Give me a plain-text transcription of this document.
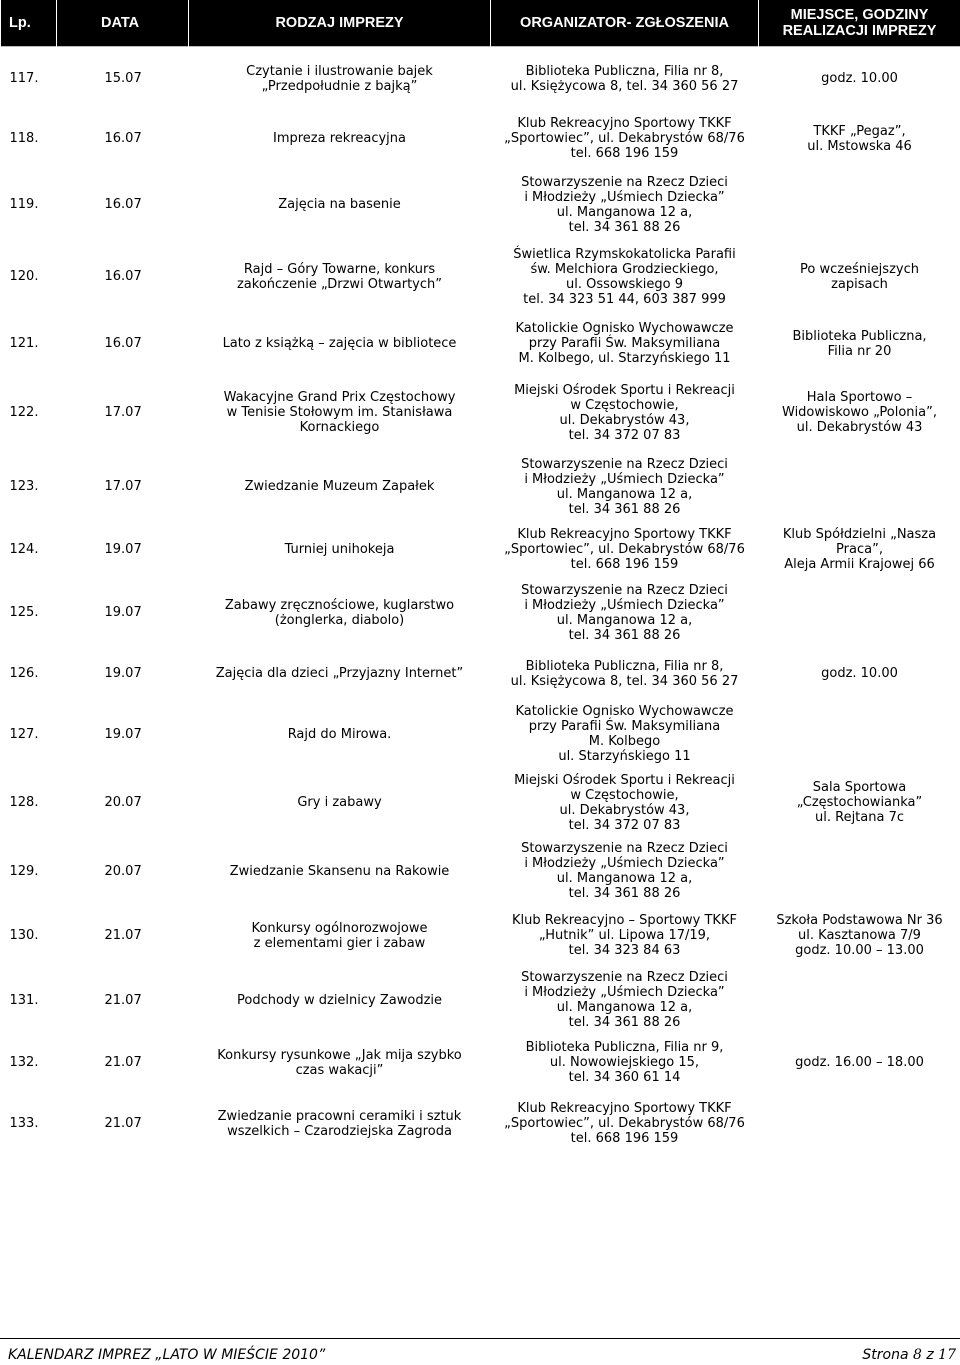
Lp.	DATA	RODZAJ IMPREZY	ORGANIZATOR- ZGŁOSZENIA	MIEJSCE, GODZINY
REALIZACJI IMPREZY

117.	15.07	Czytanie i ilustrowanie bajek
„Przedpołudnie z bajką”	Biblioteka Publiczna, Filia nr 8,
ul. Księżycowa 8, tel. 34 360 56 27	godz. 10.00

118.	16.07	Impreza rekreacyjna	Klub Rekreacyjno Sportowy TKKF
„Sportowiec”, ul. Dekabrystów 68/76
tel. 668 196 159	TKKF „Pegaz”,
ul. Mstowska 46

119.	16.07	Zajęcia na basenie	Stowarzyszenie na Rzecz Dzieci
i Młodzieży „Uśmiech Dziecka”
ul. Manganowa 12 a,
tel. 34 361 88 26	

120.	16.07	Rajd – Góry Towarne, konkurs
zakończenie „Drzwi Otwartych”	Świetlica Rzymskokatolicka Parafii
św. Melchiora Grodzieckiego,
ul. Ossowskiego 9
tel. 34 323 51 44, 603 387 999	Po wcześniejszych
zapisach

121.	16.07	Lato z książką – zajęcia w bibliotece	Katolickie Ognisko Wychowawcze
przy Parafii Św. Maksymiliana
M. Kolbego, ul. Starzyńskiego 11	Biblioteka Publiczna,
Filia nr 20

122.	17.07	Wakacyjne Grand Prix Częstochowy
w Tenisie Stołowym im. Stanisława
Kornackiego	Miejski Ośrodek Sportu i Rekreacji
w Częstochowie,
ul. Dekabrystów 43,
tel. 34 372 07 83	Hala Sportowo –
Widowiskowo „Polonia”,
ul. Dekabrystów 43

123.	17.07	Zwiedzanie Muzeum Zapałek	Stowarzyszenie na Rzecz Dzieci
i Młodzieży „Uśmiech Dziecka”
ul. Manganowa 12 a,
tel. 34 361 88 26	

124.	19.07	Turniej unihokeja	Klub Rekreacyjno Sportowy TKKF
„Sportowiec”, ul. Dekabrystów 68/76
tel. 668 196 159	Klub Spółdzielni „Nasza
Praca”,
Aleja Armii Krajowej 66

125.	19.07	Zabawy zręcznościowe, kuglarstwo
(żonglerka, diabolo)	Stowarzyszenie na Rzecz Dzieci
i Młodzieży „Uśmiech Dziecka”
ul. Manganowa 12 a,
tel. 34 361 88 26	

126.	19.07	Zajęcia dla dzieci „Przyjazny Internet”	Biblioteka Publiczna, Filia nr 8,
ul. Księżycowa 8, tel. 34 360 56 27	godz. 10.00

127.	19.07	Rajd do Mirowa.	Katolickie Ognisko Wychowawcze
przy Parafii Św. Maksymiliana
M. Kolbego
ul. Starzyńskiego 11	

128.	20.07	Gry i zabawy	Miejski Ośrodek Sportu i Rekreacji
w Częstochowie,
ul. Dekabrystów 43,
tel. 34 372 07 83	Sala Sportowa
„Częstochowianka”
ul. Rejtana 7c

129.	20.07	Zwiedzanie Skansenu na Rakowie	Stowarzyszenie na Rzecz Dzieci
i Młodzieży „Uśmiech Dziecka”
ul. Manganowa 12 a,
tel. 34 361 88 26	

130.	21.07	Konkursy ogólnorozwojowe
z elementami gier i zabaw	Klub Rekreacyjno – Sportowy TKKF
„Hutnik” ul. Lipowa 17/19,
tel. 34 323 84 63	Szkoła Podstawowa Nr 36
ul. Kasztanowa 7/9
godz. 10.00 – 13.00

131.	21.07	Podchody w dzielnicy Zawodzie	Stowarzyszenie na Rzecz Dzieci
i Młodzieży „Uśmiech Dziecka”
ul. Manganowa 12 a,
tel. 34 361 88 26	

132.	21.07	Konkursy rysunkowe „Jak mija szybko
czas wakacji”	Biblioteka Publiczna, Filia nr 9,
ul. Nowowiejskiego 15,
tel. 34 360 61 14	godz. 16.00 – 18.00

133.	21.07	Zwiedzanie pracowni ceramiki i sztuk
wszelkich – Czarodziejska Zagroda	Klub Rekreacyjno Sportowy TKKF
„Sportowiec”, ul. Dekabrystów 68/76
tel. 668 196 159	
KALENDARZ IMPREZ „LATO W MIEŚCIE 2010”	Strona 8 z 17
